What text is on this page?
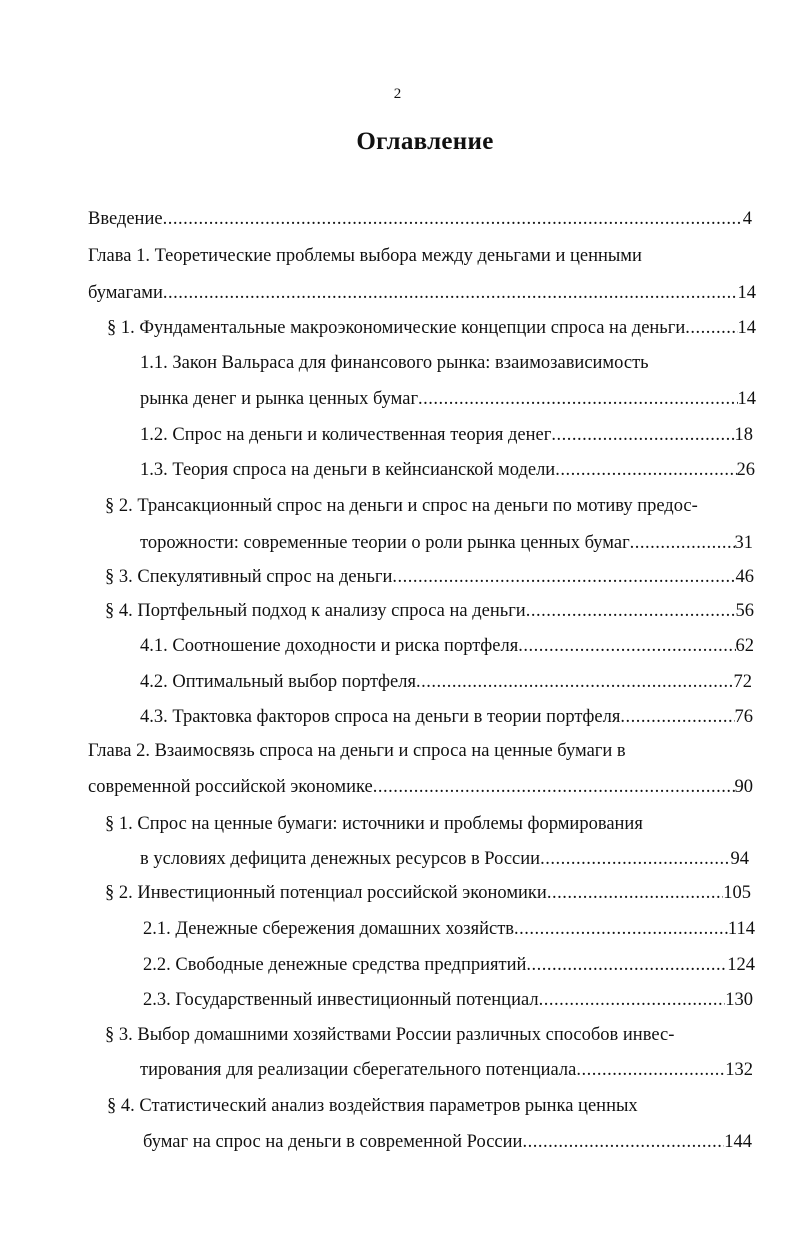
2
Оглавление
Введение .....	4
Глава 1. Теоретические проблемы выбора между деньгами и ценными
бумагами .....	14
§ 1. Фундаментальные макроэкономические концепции спроса на деньги .....	14
1.1. Закон Вальраса для финансового рынка: взаимозависимость
рынка денег и рынка ценных бумаг .....	14
1.2. Спрос на деньги и количественная теория денег .....	18
1.3. Теория спроса на деньги в кейнсианской модели .....	26
§ 2. Трансакционный спрос на деньги и спрос на деньги по мотиву предос-
торожности: современные теории о роли рынка ценных бумаг .....	31
§ 3. Спекулятивный спрос на деньги .....	46
§ 4. Портфельный подход к анализу спроса на деньги .....	56
4.1. Соотношение доходности и риска портфеля .....	62
4.2. Оптимальный выбор портфеля .....	72
4.3. Трактовка факторов спроса на деньги в теории портфеля .....	76
Глава 2. Взаимосвязь спроса на деньги и спроса на ценные бумаги в
современной российской экономике .....	90
§ 1. Спрос на ценные бумаги: источники и проблемы формирования
в условиях дефицита денежных ресурсов в России .....	94
§ 2. Инвестиционный потенциал российской экономики .....	105
2.1. Денежные сбережения домашних хозяйств .....	114
2.2. Свободные денежные средства предприятий .....	124
2.3. Государственный инвестиционный потенциал .....	130
§ 3. Выбор домашними хозяйствами России различных способов инвес-
тирования для реализации сберегательного потенциала .....	132
§ 4. Статистический анализ воздействия параметров рынка ценных
бумаг на спрос на деньги в современной России .....	144
